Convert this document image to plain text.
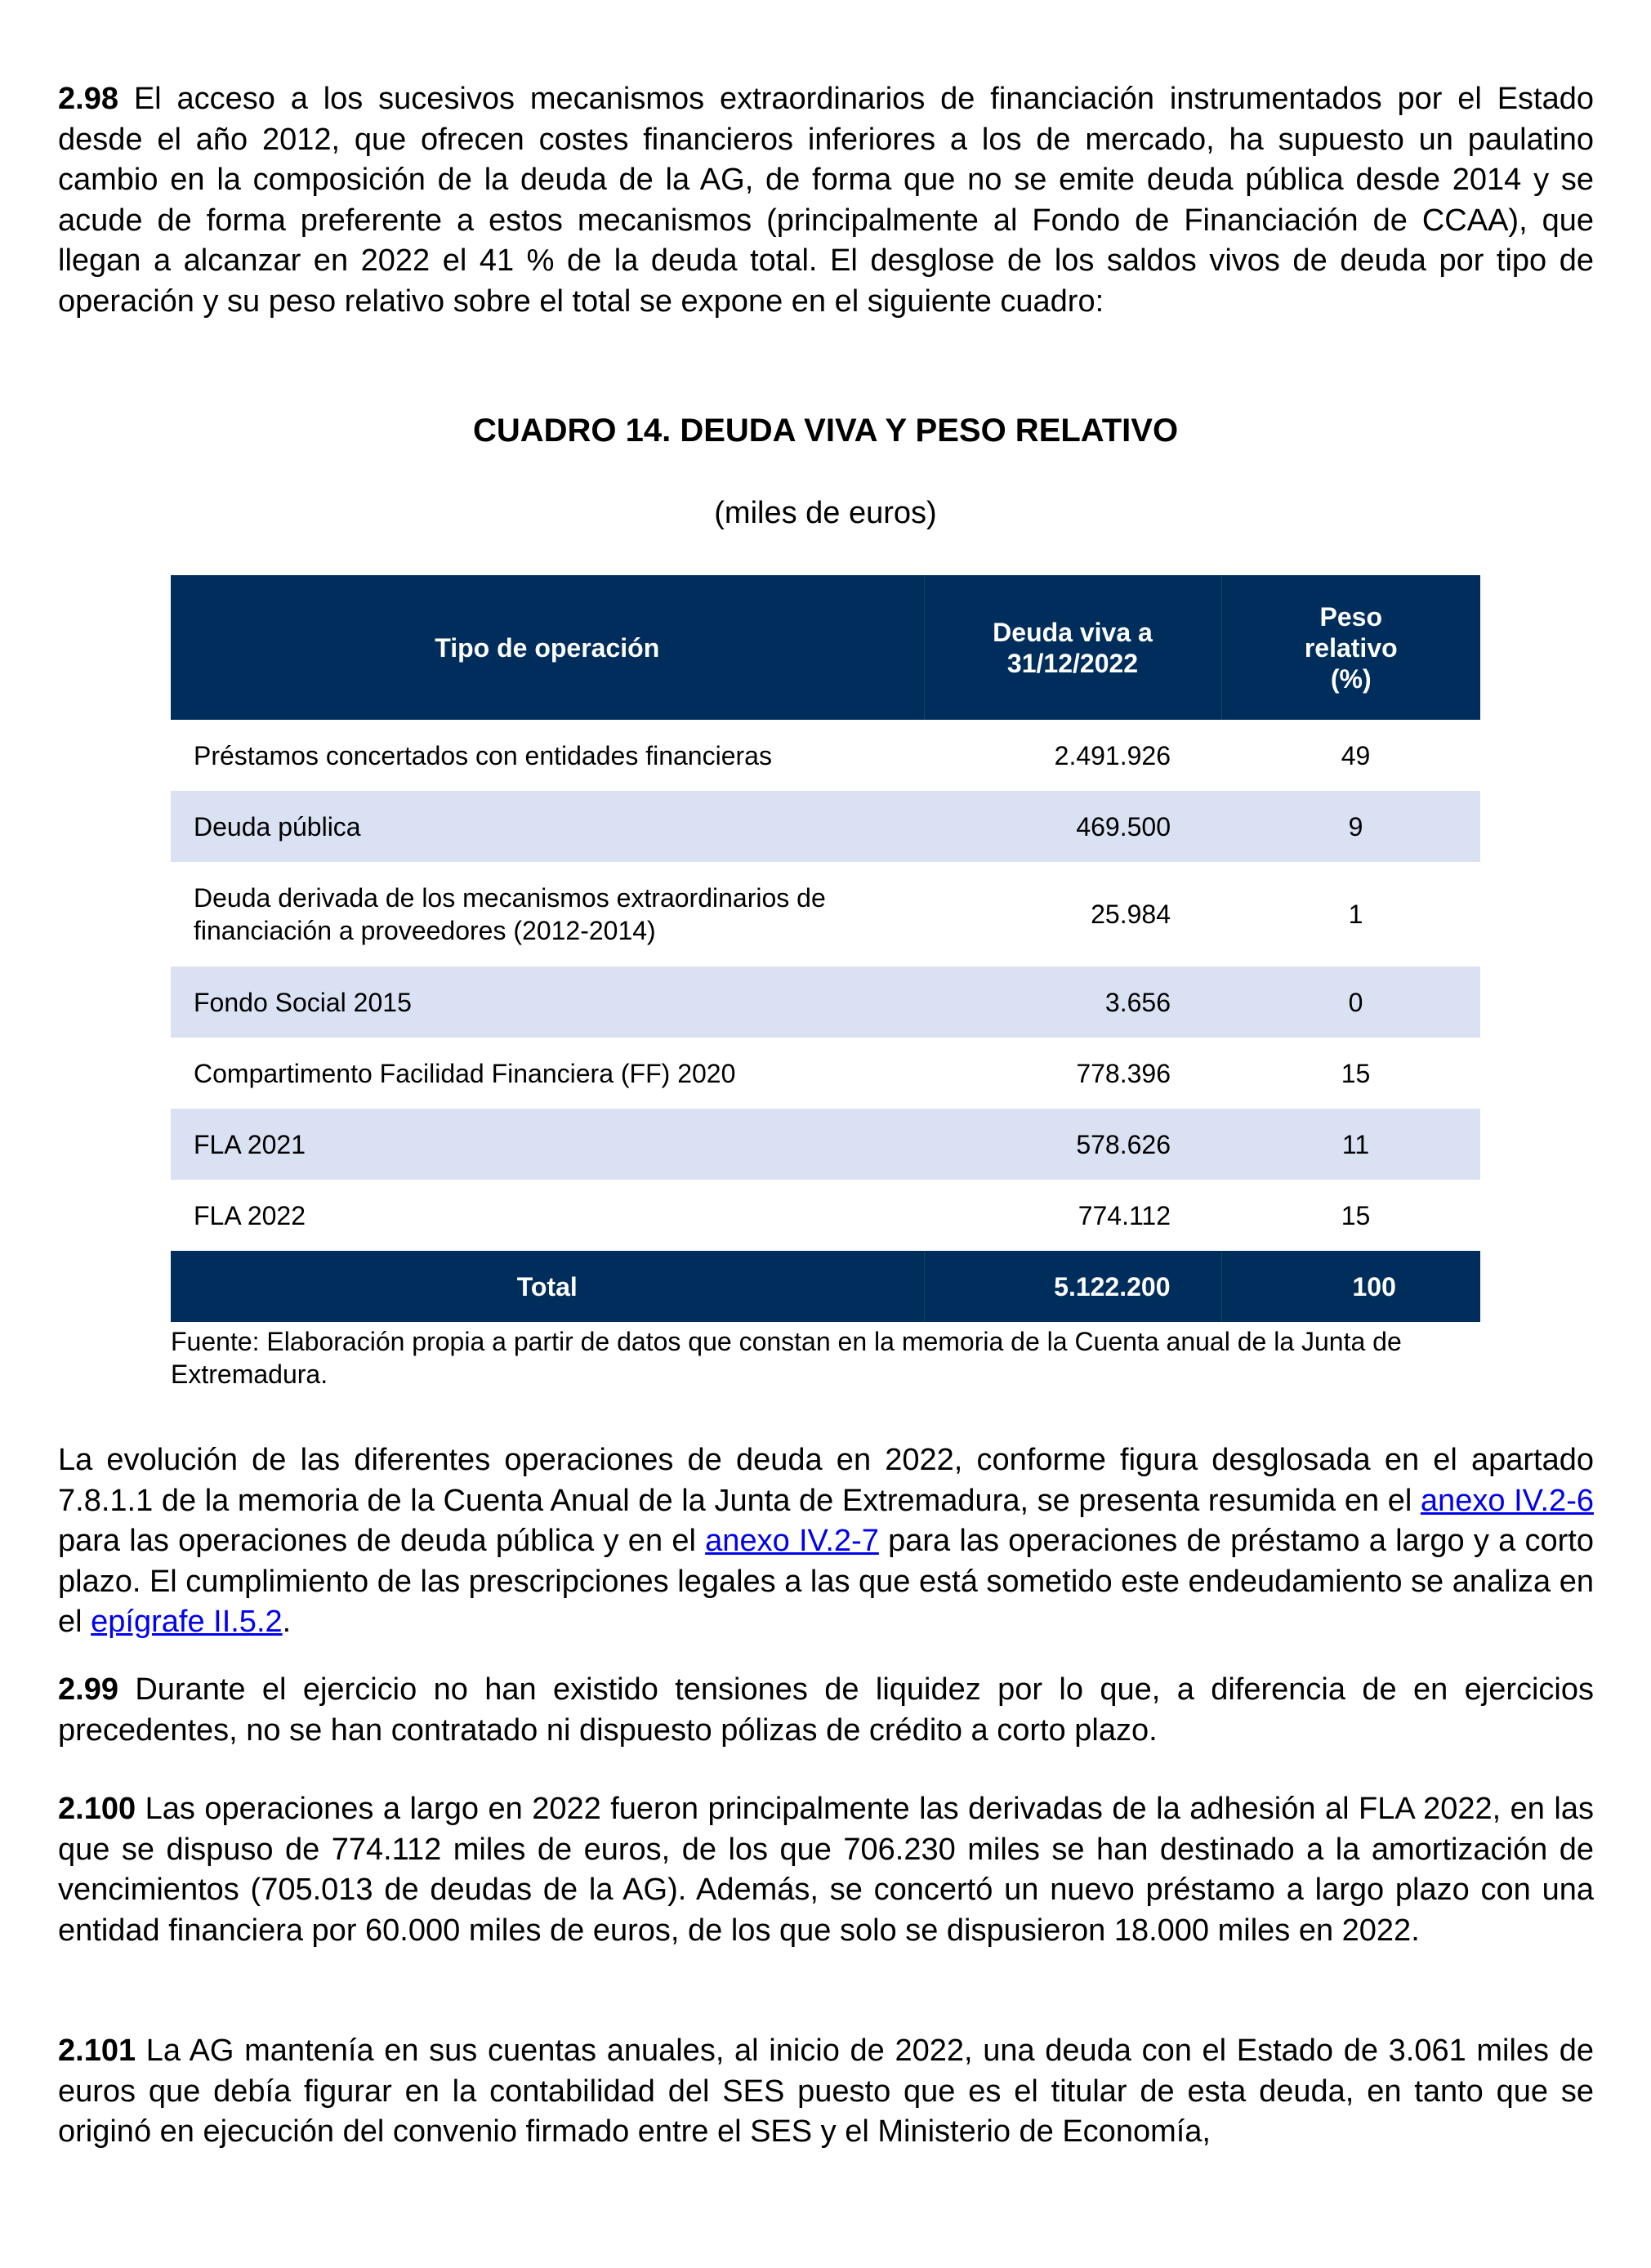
2.98 El acceso a los sucesivos mecanismos extraordinarios de financiación instrumentados por el Estado desde el año 2012, que ofrecen costes financieros inferiores a los de mercado, ha supuesto un paulatino cambio en la composición de la deuda de la AG, de forma que no se emite deuda pública desde 2014 y se acude de forma preferente a estos mecanismos (principalmente al Fondo de Financiación de CCAA), que llegan a alcanzar en 2022 el 41 % de la deuda total. El desglose de los saldos vivos de deuda por tipo de operación y su peso relativo sobre el total se expone en el siguiente cuadro:

CUADRO 14. DEUDA VIVA Y PESO RELATIVO
(miles de euros)
Tipo de operación	Deuda viva a 31/12/2022	Peso relativo (%)

Préstamos concertados con entidades financieras	2.491.926	49
Deuda pública	469.500	9
Deuda derivada de los mecanismos extraordinarios de financiación a proveedores (2012-2014)	25.984	1
Fondo Social 2015	3.656	0
Compartimento Facilidad Financiera (FF) 2020	778.396	15
FLA 2021	578.626	11
FLA 2022	774.112	15
Total	5.122.200	100
Fuente: Elaboración propia a partir de datos que constan en la memoria de la Cuenta anual de la Junta de Extremadura.

La evolución de las diferentes operaciones de deuda en 2022, conforme figura desglosada en el apartado 7.8.1.1 de la memoria de la Cuenta Anual de la Junta de Extremadura, se presenta resumida en el anexo IV.2-6 para las operaciones de deuda pública y en el anexo IV.2-7 para las operaciones de préstamo a largo y a corto plazo. El cumplimiento de las prescripciones legales a las que está sometido este endeudamiento se analiza en el epígrafe II.5.2.

2.99 Durante el ejercicio no han existido tensiones de liquidez por lo que, a diferencia de en ejercicios precedentes, no se han contratado ni dispuesto pólizas de crédito a corto plazo.

2.100 Las operaciones a largo en 2022 fueron principalmente las derivadas de la adhesión al FLA 2022, en las que se dispuso de 774.112 miles de euros, de los que 706.230 miles se han destinado a la amortización de vencimientos (705.013 de deudas de la AG). Además, se concertó un nuevo préstamo a largo plazo con una entidad financiera por 60.000 miles de euros, de los que solo se dispusieron 18.000 miles en 2022.

2.101 La AG mantenía en sus cuentas anuales, al inicio de 2022, una deuda con el Estado de 3.061 miles de euros que debía figurar en la contabilidad del SES puesto que es el titular de esta deuda, en tanto que se originó en ejecución del convenio firmado entre el SES y el Ministerio de Economía,
